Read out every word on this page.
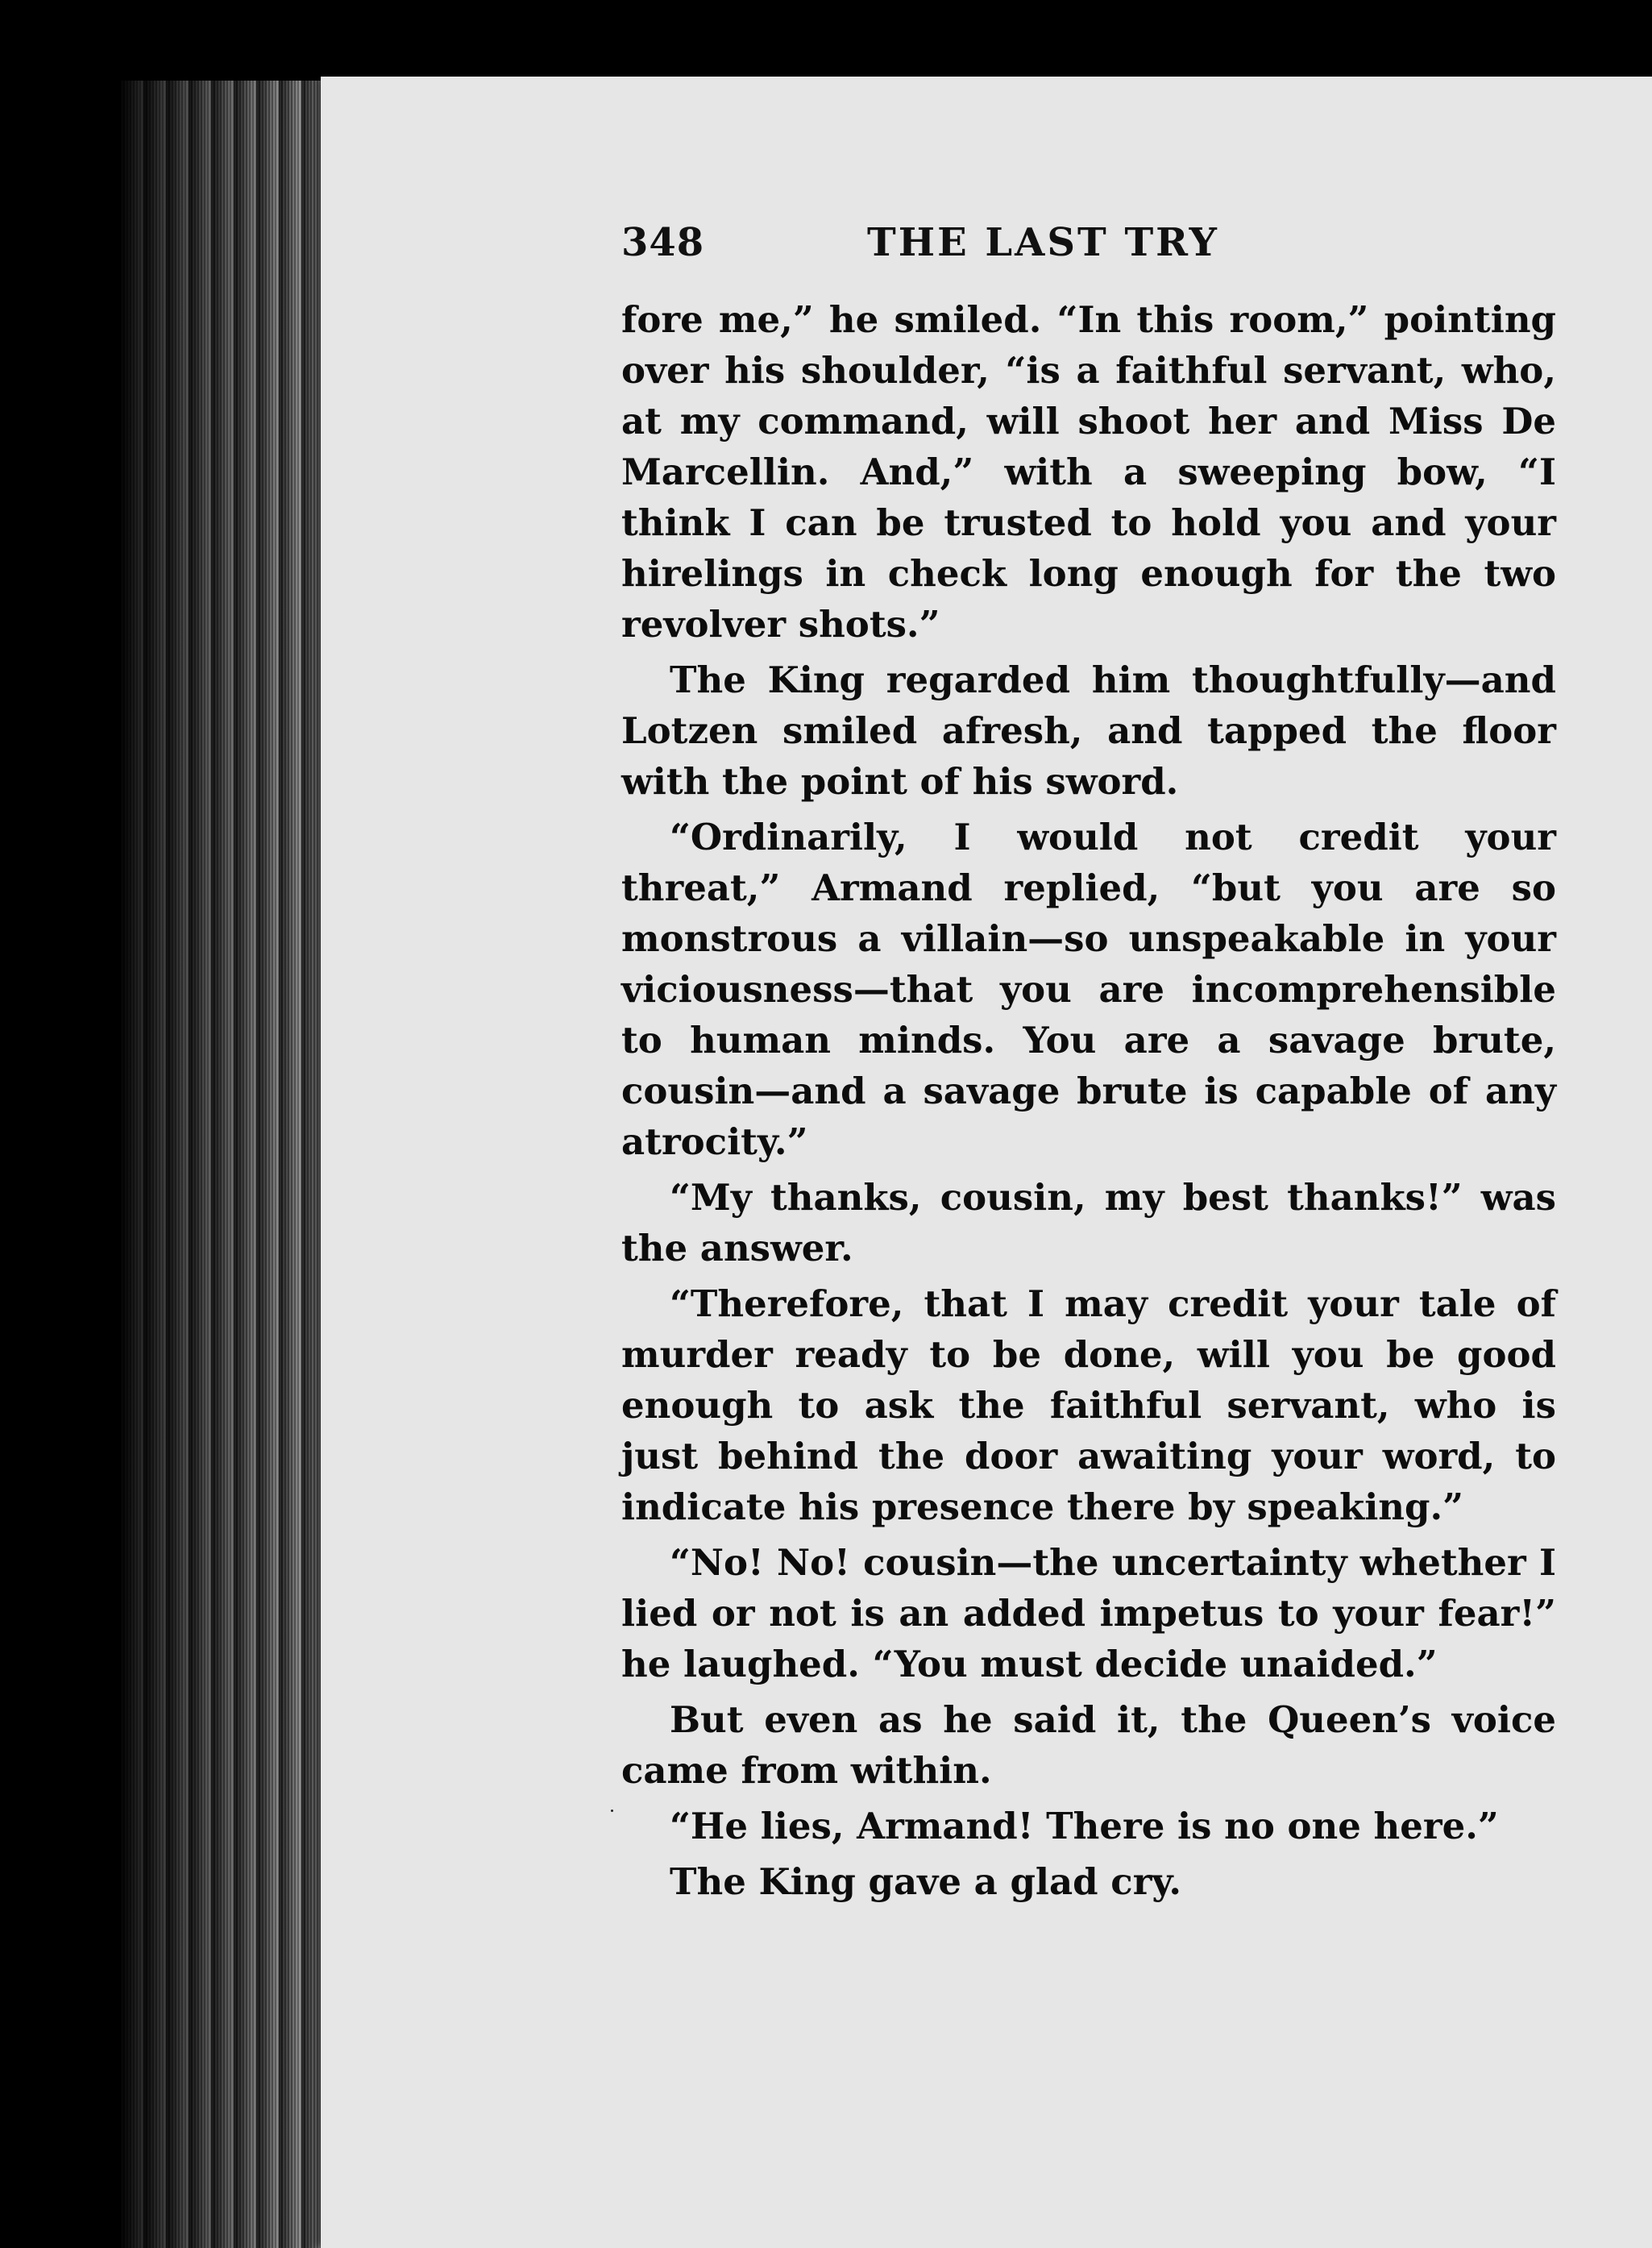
348	THE LAST TRY

fore me,” he smiled. “In this room,” pointing over his shoulder, “is a faithful servant, who, at my command, will shoot her and Miss De Marcellin. And,” with a sweeping bow, “I think I can be trusted to hold you and your hirelings in check long enough for the two revolver shots.”

The King regarded him thoughtfully—and Lotzen smiled afresh, and tapped the floor with the point of his sword.

“Ordinarily, I would not credit your threat,” Armand replied, “but you are so monstrous a villain—so unspeakable in your viciousness—that you are incomprehensible to human minds. You are a savage brute, cousin—and a savage brute is capable of any atrocity.”

“My thanks, cousin, my best thanks!” was the answer.

“Therefore, that I may credit your tale of murder ready to be done, will you be good enough to ask the faithful servant, who is just behind the door awaiting your word, to indicate his presence there by speaking.”

“No! No! cousin—the uncertainty whether I lied or not is an added impetus to your fear!” he laughed. “You must decide unaided.”

But even as he said it, the Queen’s voice came from within.

“He lies, Armand! There is no one here.”

The King gave a glad cry.
